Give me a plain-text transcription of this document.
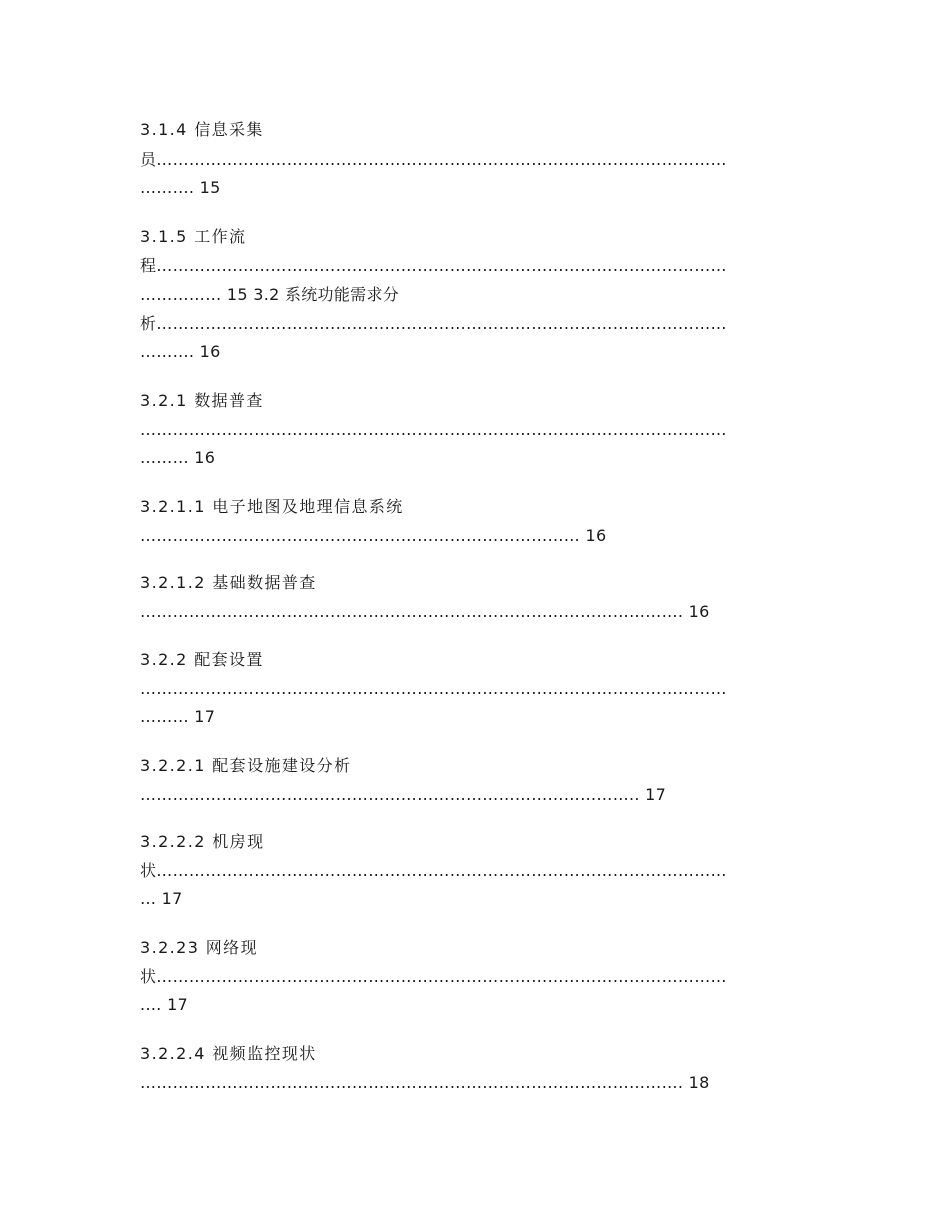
3.1.4 信息采集
员……………………………………………………………………………………………
………. 15
3.1.5 工作流
程……………………………………………………………………………………………
…………… 15 3.2 系统功能需求分
析……………………………………………………………………………………………
………. 16
3.2.1 数据普查
………………………………………………………………………………………………
……… 16
3.2.1.1 电子地图及地理信息系统
……………………………………………………………………… 16
3.2.1.2 基础数据普查
………………………………………………………………………………………. 16
3.2.2 配套设置
………………………………………………………………………………………………
……… 17
3.2.2.1 配套设施建设分析
……………………………………………………………………………….. 17
3.2.2.2 机房现
状……………………………………………………………………………………………
… 17
3.2.23 网络现
状……………………………………………………………………………………………
.… 17
3.2.2.4 视频监控现状
………………………………………………………………………………………. 18
